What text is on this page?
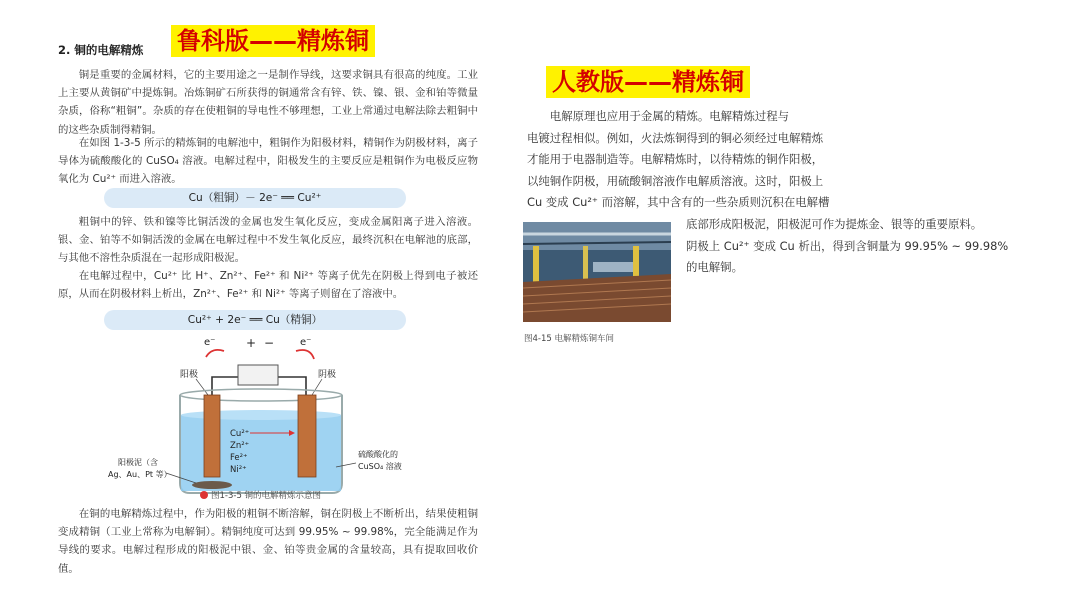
鲁科版——精炼铜
人教版——精炼铜
2. 铜的电解精炼
铜是重要的金属材料，它的主要用途之一是制作导线，这要求铜具有很高的纯度。工业上主要从黄铜矿中提炼铜。冶炼铜矿石所获得的铜通常含有锌、铁、镍、银、金和铂等微量杂质，俗称“粗铜”。杂质的存在使粗铜的导电性不够理想，工业上常通过电解法除去粗铜中的这些杂质制得精铜。
在如图 1-3-5 所示的精炼铜的电解池中，粗铜作为阳极材料，精铜作为阴极材料，离子导体为硫酸酸化的 CuSO₄ 溶液。电解过程中，阳极发生的主要反应是粗铜作为电极反应物氧化为 Cu²⁺ 而进入溶液。
Cu（粗铜）－ 2e⁻ ══ Cu²⁺
粗铜中的锌、铁和镍等比铜活泼的金属也发生氧化反应，变成金属阳离子进入溶液。银、金、铂等不如铜活泼的金属在电解过程中不发生氧化反应，最终沉积在电解池的底部，与其他不溶性杂质混在一起形成阳极泥。
在电解过程中，Cu²⁺ 比 H⁺、Zn²⁺、Fe²⁺ 和 Ni²⁺ 等离子优先在阴极上得到电子被还原，从而在阴极材料上析出，Zn²⁺、Fe²⁺ 和 Ni²⁺ 等离子则留在了溶液中。
Cu²⁺ + 2e⁻ ══ Cu（精铜）
+ −
e⁻	e⁻
阳极	阴极
Cu²⁺
Zn²⁺
Fe²⁺
Ni²⁺
阳极泥（含
Ag、Au、Pt 等）
硫酸酸化的
CuSO₄ 溶液
图1-3-5 铜的电解精炼示意图
在铜的电解精炼过程中，作为阳极的粗铜不断溶解，铜在阴极上不断析出，结果使粗铜变成精铜（工业上常称为电解铜）。精铜纯度可达到 99.95% ~ 99.98%，完全能满足作为导线的要求。电解过程形成的阳极泥中银、金、铂等贵金属的含量较高，具有提取回收价值。
电解原理也应用于金属的精炼。电解精炼过程与
电镀过程相似。例如，火法炼铜得到的铜必须经过电解精炼
才能用于电器制造等。电解精炼时，以待精炼的铜作阳极，
以纯铜作阴极，用硫酸铜溶液作电解质溶液。这时，阳极上
Cu 变成 Cu²⁺ 而溶解，其中含有的一些杂质则沉积在电解槽
图4-15 电解精炼铜车间
底部形成阳极泥，阳极泥可作为提炼金、银等的重要原料。
阴极上 Cu²⁺ 变成 Cu 析出，得到含铜量为 99.95% ~ 99.98%
的电解铜。
